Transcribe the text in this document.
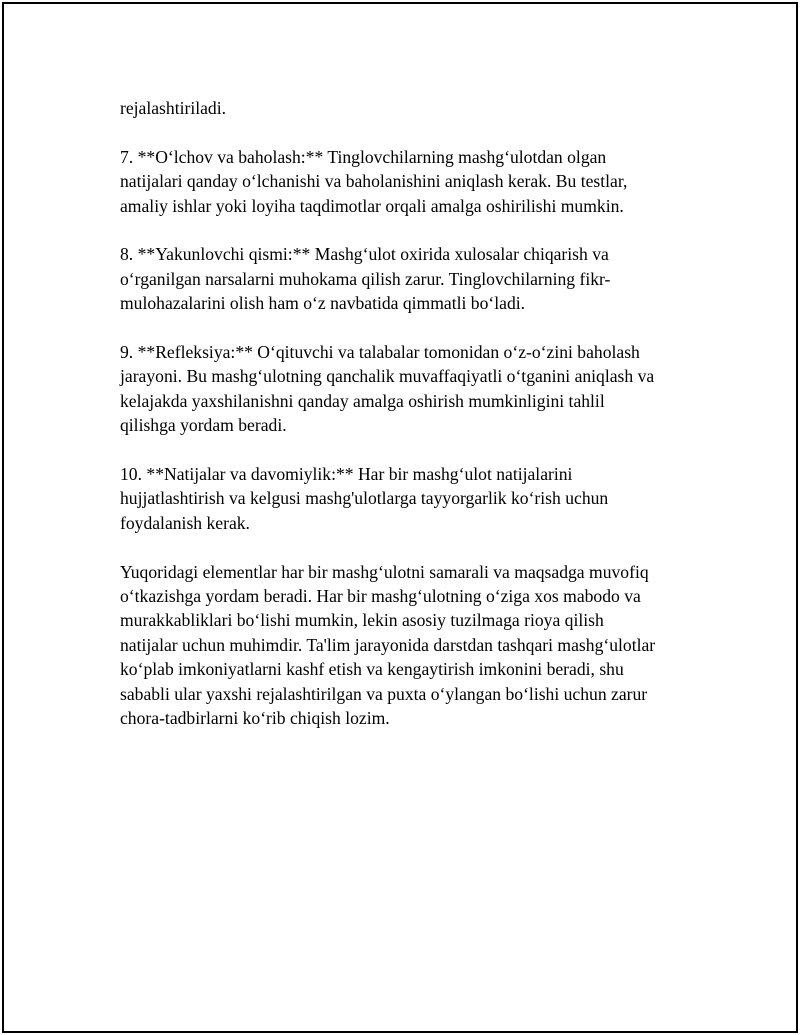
rejalashtiriladi.

7. **O‘lchov va baholash:** Tinglovchilarning mashg‘ulotdan olgan
natijalari qanday o‘lchanishi va baholanishini aniqlash kerak. Bu testlar,
amaliy ishlar yoki loyiha taqdimotlar orqali amalga oshirilishi mumkin.

8. **Yakunlovchi qismi:** Mashg‘ulot oxirida xulosalar chiqarish va
o‘rganilgan narsalarni muhokama qilish zarur. Tinglovchilarning fikr-
mulohazalarini olish ham o‘z navbatida qimmatli bo‘ladi.

9. **Refleksiya:** O‘qituvchi va talabalar tomonidan o‘z-o‘zini baholash
jarayoni. Bu mashg‘ulotning qanchalik muvaffaqiyatli o‘tganini aniqlash va
kelajakda yaxshilanishni qanday amalga oshirish mumkinligini tahlil
qilishga yordam beradi.

10. **Natijalar va davomiylik:** Har bir mashg‘ulot natijalarini
hujjatlashtirish va kelgusi mashg'ulotlarga tayyorgarlik ko‘rish uchun
foydalanish kerak.

Yuqoridagi elementlar har bir mashg‘ulotni samarali va maqsadga muvofiq
o‘tkazishga yordam beradi. Har bir mashg‘ulotning o‘ziga xos mabodo va
murakkabliklari bo‘lishi mumkin, lekin asosiy tuzilmaga rioya qilish
natijalar uchun muhimdir. Ta'lim jarayonida darstdan tashqari mashg‘ulotlar
ko‘plab imkoniyatlarni kashf etish va kengaytirish imkonini beradi, shu
sababli ular yaxshi rejalashtirilgan va puxta o‘ylangan bo‘lishi uchun zarur
chora-tadbirlarni ko‘rib chiqish lozim.
